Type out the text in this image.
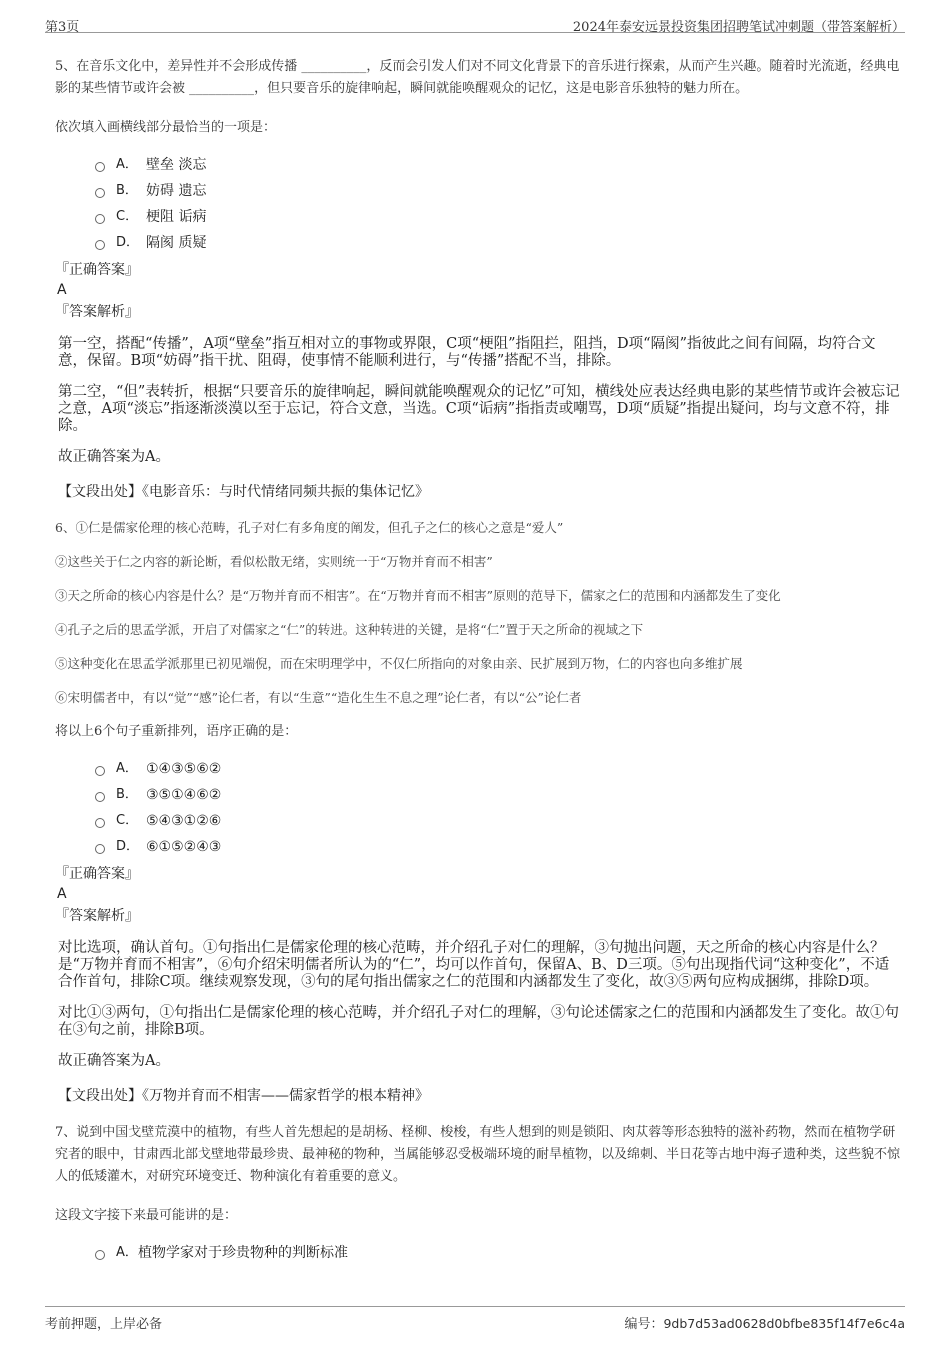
第3页	2024年泰安远景投资集团招聘笔试冲刺题（带答案解析）

5、在音乐文化中，差异性并不会形成传播 __________，反而会引发人们对不同文化背景下的音乐进行探索，从而产生兴趣。随着时光流逝，经典电影的某些情节或许会被 __________，但只要音乐的旋律响起，瞬间就能唤醒观众的记忆，这是电影音乐独特的魅力所在。

依次填入画横线部分最恰当的一项是：

A． 壁垒 淡忘
B． 妨碍 遗忘
C． 梗阻 诟病
D． 隔阂 质疑
『正确答案』
A
『答案解析』

第一空，搭配“传播”，A项“壁垒”指互相对立的事物或界限，C项“梗阻”指阻拦，阻挡，D项“隔阂”指彼此之间有间隔，均符合文意，保留。B项“妨碍”指干扰、阻碍，使事情不能顺利进行，与“传播”搭配不当，排除。

第二空，“但”表转折，根据“只要音乐的旋律响起，瞬间就能唤醒观众的记忆”可知，横线处应表达经典电影的某些情节或许会被忘记之意，A项“淡忘”指逐渐淡漠以至于忘记，符合文意，当选。C项“诟病”指指责或嘲骂，D项“质疑”指提出疑问，均与文意不符，排除。

故正确答案为A。

【文段出处】《电影音乐：与时代情绪同频共振的集体记忆》

6、①仁是儒家伦理的核心范畴，孔子对仁有多角度的阐发，但孔子之仁的核心之意是“爱人”

②这些关于仁之内容的新论断，看似松散无绪，实则统一于“万物并育而不相害”

③天之所命的核心内容是什么？是“万物并育而不相害”。在“万物并育而不相害”原则的范导下，儒家之仁的范围和内涵都发生了变化

④孔子之后的思孟学派，开启了对儒家之“仁”的转进。这种转进的关键，是将“仁”置于天之所命的视域之下

⑤这种变化在思孟学派那里已初见端倪，而在宋明理学中，不仅仁所指向的对象由亲、民扩展到万物，仁的内容也向多维扩展

⑥宋明儒者中，有以“觉”“感”论仁者，有以“生意”“造化生生不息之理”论仁者，有以“公”论仁者

将以上6个句子重新排列，语序正确的是：

A． ①④③⑤⑥②
B． ③⑤①④⑥②
C． ⑤④③①②⑥
D． ⑥①⑤②④③
『正确答案』
A
『答案解析』

对比选项，确认首句。①句指出仁是儒家伦理的核心范畴，并介绍孔子对仁的理解，③句抛出问题，天之所命的核心内容是什么？是“万物并育而不相害”，⑥句介绍宋明儒者所认为的“仁”，均可以作首句，保留A、B、D三项。⑤句出现指代词“这种变化”，不适合作首句，排除C项。继续观察发现，③句的尾句指出儒家之仁的范围和内涵都发生了变化，故③⑤两句应构成捆绑，排除D项。

对比①③两句，①句指出仁是儒家伦理的核心范畴，并介绍孔子对仁的理解，③句论述儒家之仁的范围和内涵都发生了变化。故①句在③句之前，排除B项。

故正确答案为A。

【文段出处】《万物并育而不相害——儒家哲学的根本精神》

7、说到中国戈壁荒漠中的植物，有些人首先想起的是胡杨、柽柳、梭梭，有些人想到的则是锁阳、肉苁蓉等形态独特的滋补药物，然而在植物学研究者的眼中，甘肃西北部戈壁地带最珍贵、最神秘的物种，当属能够忍受极端环境的耐旱植物，以及绵刺、半日花等古地中海孑遗种类，这些貌不惊人的低矮灌木，对研究环境变迁、物种演化有着重要的意义。

这段文字接下来最可能讲的是：

A． 植物学家对于珍贵物种的判断标准
考前押题，上岸必备	编号：9db7d53ad0628d0bfbe835f14f7e6c4a
